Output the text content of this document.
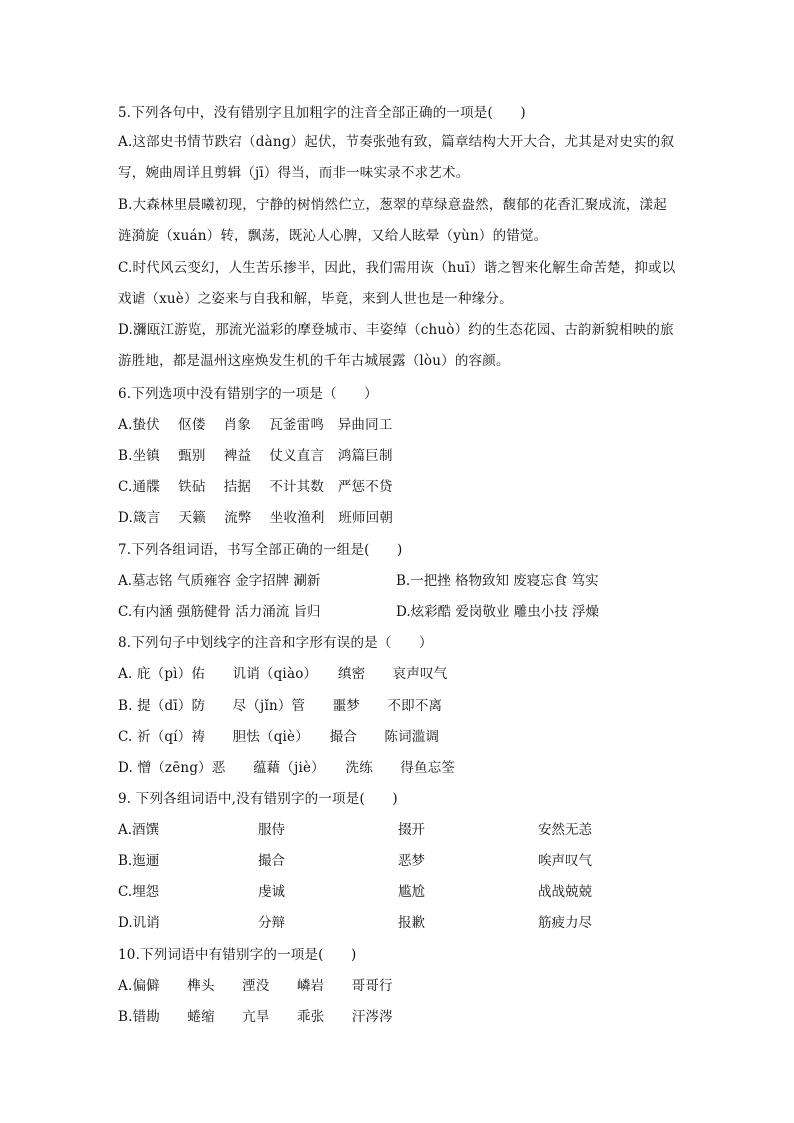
5.下列各句中，没有错别字且加粗字的注音全部正确的一项是(　　)
A.这部史书情节跌宕（dàng）起伏，节奏张弛有致，篇章结构大开大合，尤其是对史实的叙写，婉曲周详且剪辑（jī）得当，而非一味实录不求艺术。
B.大森林里晨曦初现，宁静的树悄然伫立，葱翠的草绿意盎然，馥郁的花香汇聚成流，漾起涟漪旋（xuán）转，飘荡，既沁人心脾，又给人眩晕（yùn）的错觉。
C.时代风云变幻，人生苦乐掺半，因此，我们需用诙（huī）谐之智来化解生命苦楚，抑或以戏谑（xuè）之姿来与自我和解，毕竟，来到人世也是一种缘分。
D.瀰瓯江游览，那流光溢彩的摩登城市、丰姿绰（chuò）约的生态花园、古韵新貌相映的旅游胜地，都是温州这座焕发生机的千年古城展露（lòu）的容颜。
6.下列选项中没有错别字的一项是（　　）
A.蛰伏　 伛偻　 肖象　 瓦釜雷鸣　异曲同工
B.坐镇　 甄别　 裨益　 仗义直言　鸿篇巨制
C.通牒　 铁砧　 拮据　 不计其数　严惩不贷
D.箴言　 天籁　 流弊　 坐收渔利　班师回朝
7.下列各组词语，书写全部正确的一组是(　　)
A.墓志铭 气质雍容 金字招牌 涮新	B.一把挫 格物致知 废寝忘食 笃实
C.有内涵 强筋健骨 活力涌流 旨归	D.炫彩酷 爱岗敬业 雕虫小技 浮燥
8.下列句子中划线字的注音和字形有误的是（　　）
A. 庇（pì）佑　　讥诮（qiào）　　缜密　　哀声叹气
B. 提（dī）防　　尽（jǐn）管　　噩梦　　不即不离
C. 祈（qí）祷　　胆怯（qiè）　　撮合　　陈词滥调
D. 憎（zēng）恶　　蕴藉（jiè）　　洗练　　得鱼忘筌
9. 下列各组词语中,没有错别字的一项是(　　)
A.酒馔	服侍	掇开	安然无恙
B.迤逦	撮合	恶梦	唉声叹气
C.埋怨	虔诚	尴尬	战战兢兢
D.讥诮	分辩	报歉	筋疲力尽
10.下列词语中有错别字的一项是(　　)
A.偏僻　　榫头　　湮没　　嶙岩　　哥哥行
B.错勘　　蜷缩　　亢旱　　乖张　　汗涔涔
